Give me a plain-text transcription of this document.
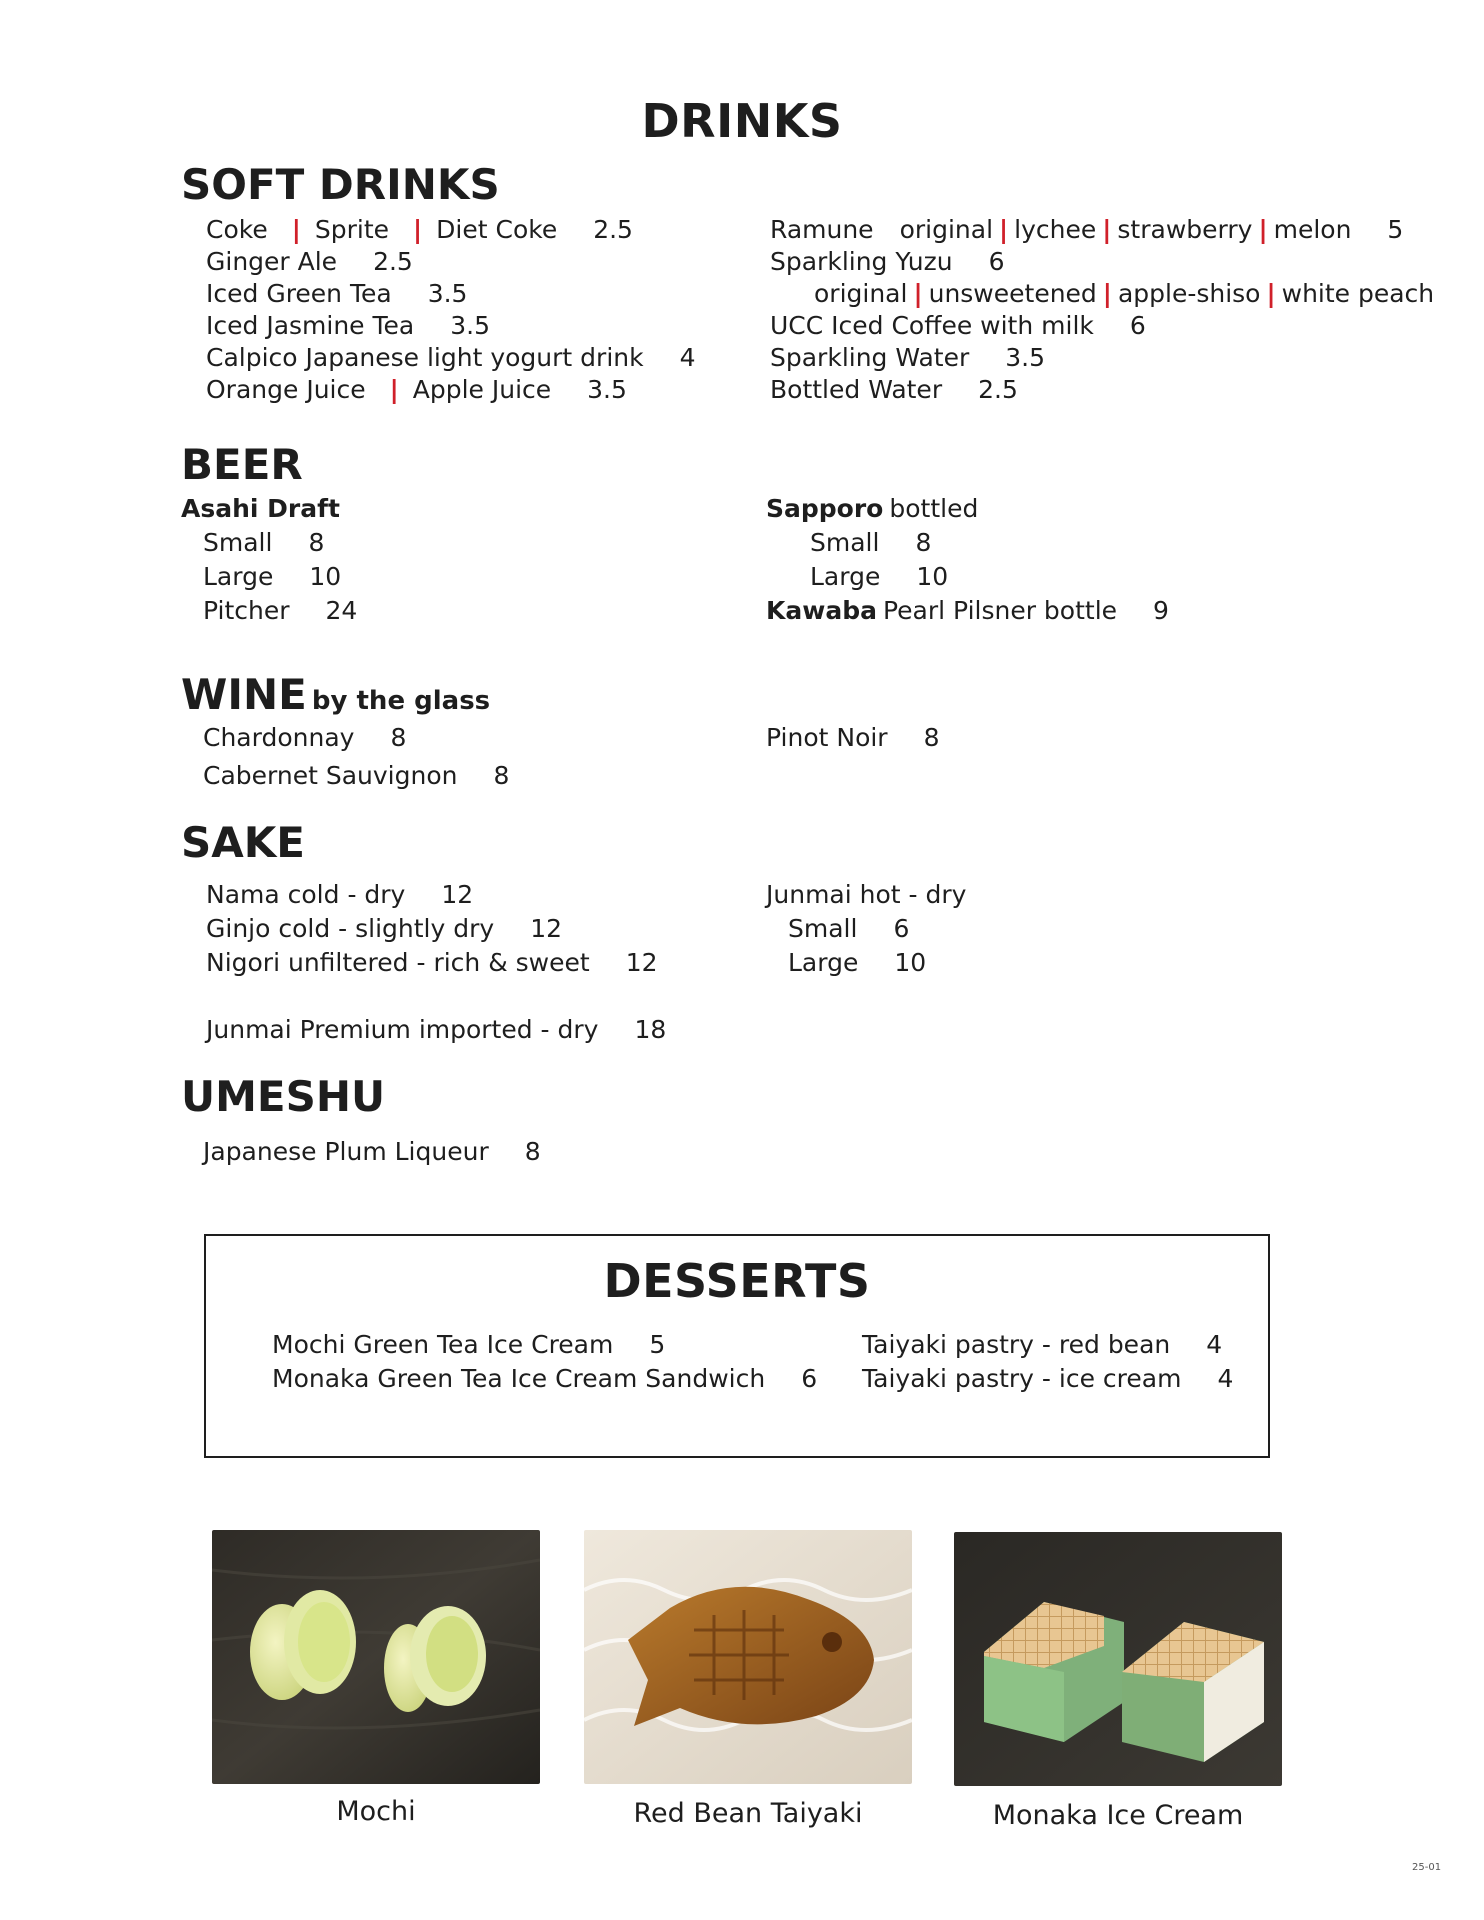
DRINKS
SOFT DRINKS
Coke | Sprite | Diet Coke 2.5
Ginger Ale 2.5
Iced Green Tea 3.5
Iced Jasmine Tea 3.5
Calpico Japanese light yogurt drink 4
Orange Juice | Apple Juice 3.5
Ramune original | lychee | strawberry | melon 5
Sparkling Yuzu 6
original | unsweetened | apple-shiso | white peach
UCC Iced Coffee with milk 6
Sparkling Water 3.5
Bottled Water 2.5
BEER
Asahi Draft
Small 8
Large 10
Pitcher 24
Sapporo bottled
Small 8
Large 10
Kawaba Pearl Pilsner bottle 9
WINE by the glass
Chardonnay 8
Cabernet Sauvignon 8
Pinot Noir 8
SAKE
Nama cold - dry 12
Ginjo cold - slightly dry 12
Nigori unfiltered - rich & sweet 12
Junmai Premium imported - dry 18
Junmai hot - dry
Small 6
Large 10
UMESHU
Japanese Plum Liqueur 8
DESSERTS
Mochi Green Tea Ice Cream 5
Monaka Green Tea Ice Cream Sandwich 6
Taiyaki pastry - red bean 4
Taiyaki pastry - ice cream 4
Mochi	Red Bean Taiyaki	Monaka Ice Cream
25-01
